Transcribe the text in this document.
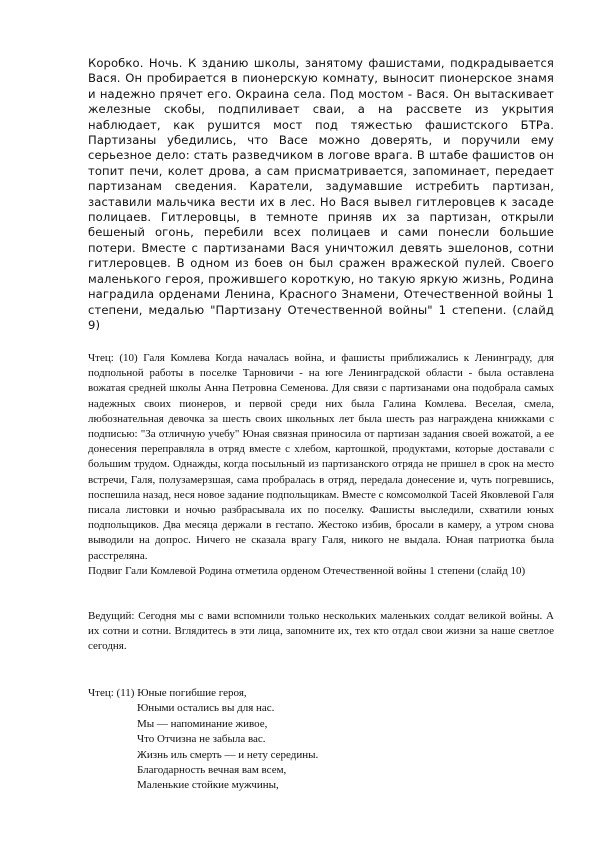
Коробко. Ночь. К зданию школы, занятому фашистами, подкрадывается Вася. Он пробирается в пионерскую комнату, выносит пионерское знамя и надежно прячет его. Окраина села. Под мостом - Вася. Он вытаскивает железные скобы, подпиливает сваи, а на рассвете из укрытия наблюдает, как рушится мост под тяжестью фашистского БТРа. Партизаны убедились, что Васе можно доверять, и поручили ему серьезное дело: стать разведчиком в логове врага. В штабе фашистов он топит печи, колет дрова, а сам присматривается, запоминает, передает партизанам сведения. Каратели, задумавшие истребить партизан, заставили мальчика вести их в лес. Но Вася вывел гитлеровцев к засаде полицаев. Гитлеровцы, в темноте приняв их за партизан, открыли бешеный огонь, перебили всех полицаев и сами понесли большие потери. Вместе с партизанами Вася уничтожил девять эшелонов, сотни гитлеровцев. В одном из боев он был сражен вражеской пулей. Своего маленького героя, прожившего короткую, но такую яркую жизнь, Родина наградила орденами Ленина, Красного Знамени, Отечественной войны 1 степени, медалью "Партизану Отечественной войны" 1 степени. (слайд 9)
Чтец: (10) Галя Комлева Когда началась война, и фашисты приближались к Ленинграду, для подпольной работы в поселке Тарновичи - на юге Ленинградской области - была оставлена вожатая средней школы Анна Петровна Семенова. Для связи с партизанами она подобрала самых надежных своих пионеров, и первой среди них была Галина Комлева. Веселая, смела, любознательная девочка за шесть своих школьных лет была шесть раз награждена книжками с подписью: "За отличную учебу" Юная связная приносила от партизан задания своей вожатой, а ее донесения переправляла в отряд вместе с хлебом, картошкой, продуктами, которые доставали с большим трудом. Однажды, когда посыльный из партизанского отряда не пришел в срок на место встречи, Галя, полузамерзшая, сама пробралась в отряд, передала донесение и, чуть погревшись, поспешила назад, неся новое задание подпольщикам. Вместе с комсомолкой Тасей Яковлевой Галя писала листовки и ночью разбрасывала их по поселку. Фашисты выследили, схватили юных подпольщиков. Два месяца держали в гестапо. Жестоко избив, бросали в камеру, а утром снова выводили на допрос. Ничего не сказала врагу Галя, никого не выдала. Юная патриотка была расстреляна.
Подвиг Гали Комлевой Родина отметила орденом Отечественной войны 1 степени (слайд 10)
Ведущий: Сегодня мы с вами вспомнили только нескольких маленьких солдат великой войны. А их сотни и сотни. Вглядитесь в эти лица, запомните их, тех кто отдал свои жизни за наше светлое сегодня.
Чтец: (11) Юные погибшие героя,
Юными остались вы для нас.
Мы — напоминание живое,
Что Отчизна не забыла вас.
Жизнь иль смерть — и нету середины.
Благодарность вечная вам всем,
Маленькие стойкие мужчины,
